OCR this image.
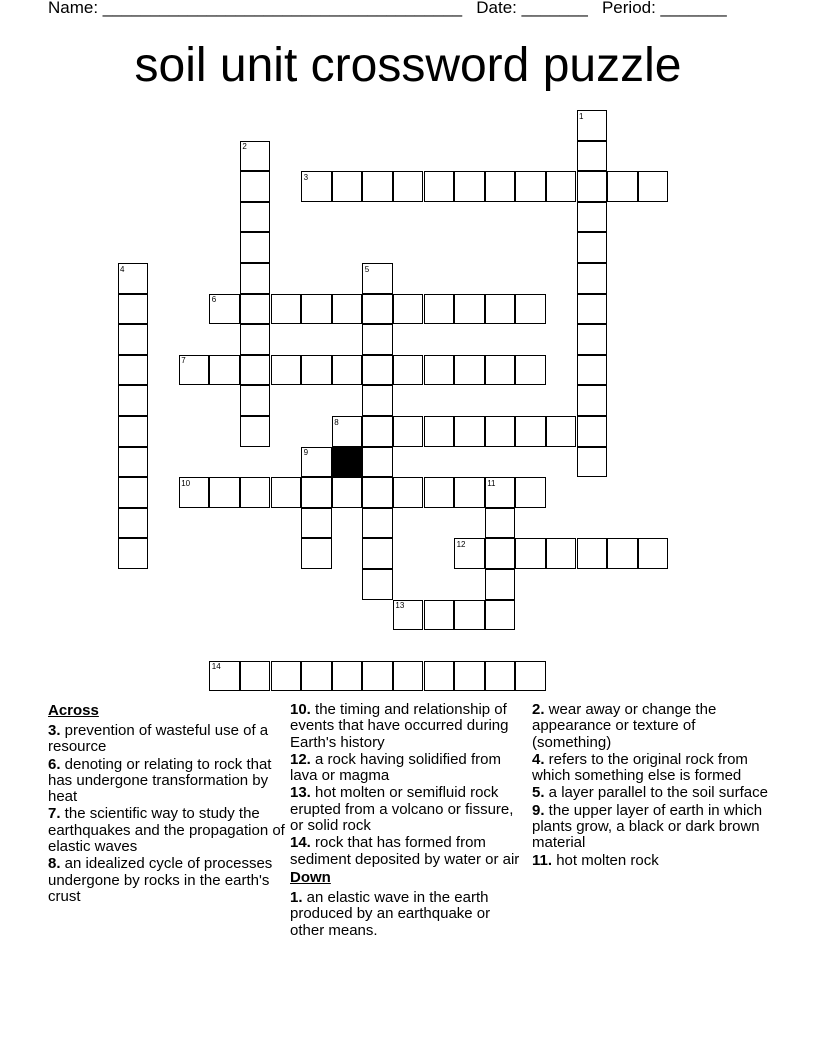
Name: ______________________________________ Date: _______ Period: _______
soil unit crossword puzzle
1
2
3
4	5
6
7
8
9
10	11
12
13
14
Across
3. prevention of wasteful use of a resource
6. denoting or relating to rock that has undergone transformation by heat
7. the scientific way to study the earthquakes and the propagation of elastic waves
8. an idealized cycle of processes undergone by rocks in the earth's crust
10. the timing and relationship of events that have occurred during Earth's history
12. a rock having solidified from lava or magma
13. hot molten or semifluid rock erupted from a volcano or fissure, or solid rock
14. rock that has formed from sediment deposited by water or air
Down
1. an elastic wave in the earth produced by an earthquake or other means.
2. wear away or change the appearance or texture of (something)
4. refers to the original rock from which something else is formed
5. a layer parallel to the soil surface
9. the upper layer of earth in which plants grow, a black or dark brown material
11. hot molten rock
